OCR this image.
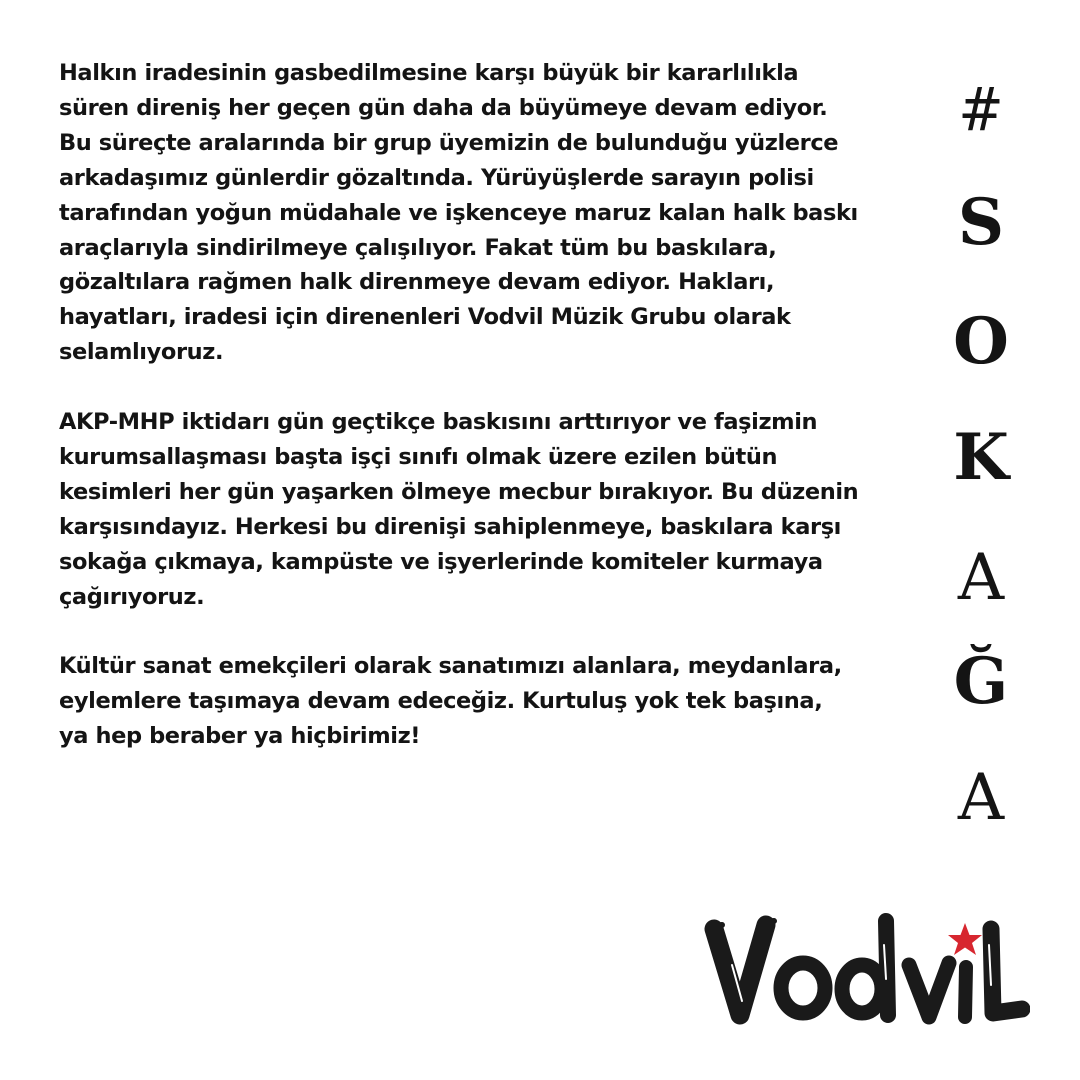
Halkın iradesinin gasbedilmesine karşı büyük bir kararlılıkla
süren direniş her geçen gün daha da büyümeye devam ediyor.
Bu süreçte aralarında bir grup üyemizin de bulunduğu yüzlerce
arkadaşımız günlerdir gözaltında. Yürüyüşlerde sarayın polisi
tarafından yoğun müdahale ve işkenceye maruz kalan halk baskı
araçlarıyla sindirilmeye çalışılıyor. Fakat tüm bu baskılara,
gözaltılara rağmen halk direnmeye devam ediyor. Hakları,
hayatları, iradesi için direnenleri Vodvil Müzik Grubu olarak
selamlıyoruz.

AKP-MHP iktidarı gün geçtikçe baskısını arttırıyor ve faşizmin
kurumsallaşması başta işçi sınıfı olmak üzere ezilen bütün
kesimleri her gün yaşarken ölmeye mecbur bırakıyor. Bu düzenin
karşısındayız. Herkesi bu direnişi sahiplenmeye, baskılara karşı
sokağa çıkmaya, kampüste ve işyerlerinde komiteler kurmaya
çağırıyoruz.

Kültür sanat emekçileri olarak sanatımızı alanlara, meydanlara,
eylemlere taşımaya devam edeceğiz. Kurtuluş yok tek başına,
ya hep beraber ya hiçbirimiz!

#
S
O
K
A
Ğ
A
